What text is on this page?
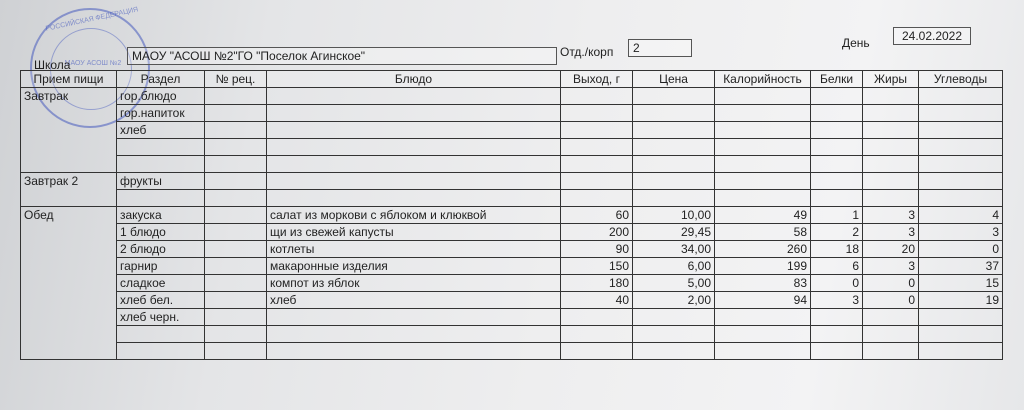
РОССИЙСКАЯ ФЕДЕРАЦИЯ
МАОУ АСОШ №2
Школа
МАОУ "АСОШ №2"ГО "Поселок Агинское"	Отд./корп	2	День	24.02.2022
Прием пищи	Раздел	№ рец.	Блюдо	Выход, г	Цена	Калорийность	Белки	Жиры	Углеводы
Завтрак	гор.блюдо								
	гор.напиток								
	хлеб								

Завтрак 2	фрукты								

Обед	закуска		салат из моркови с яблоком и клюквой	60	10,00	49	1	3	4
	1 блюдо		щи из свежей капусты	200	29,45	58	2	3	3
	2 блюдо		котлеты	90	34,00	260	18	20	0
	гарнир		макаронные изделия	150	6,00	199	6	3	37
	сладкое		компот из яблок	180	5,00	83	0	0	15
	хлеб бел.		хлеб	40	2,00	94	3	0	19
	хлеб черн.								
